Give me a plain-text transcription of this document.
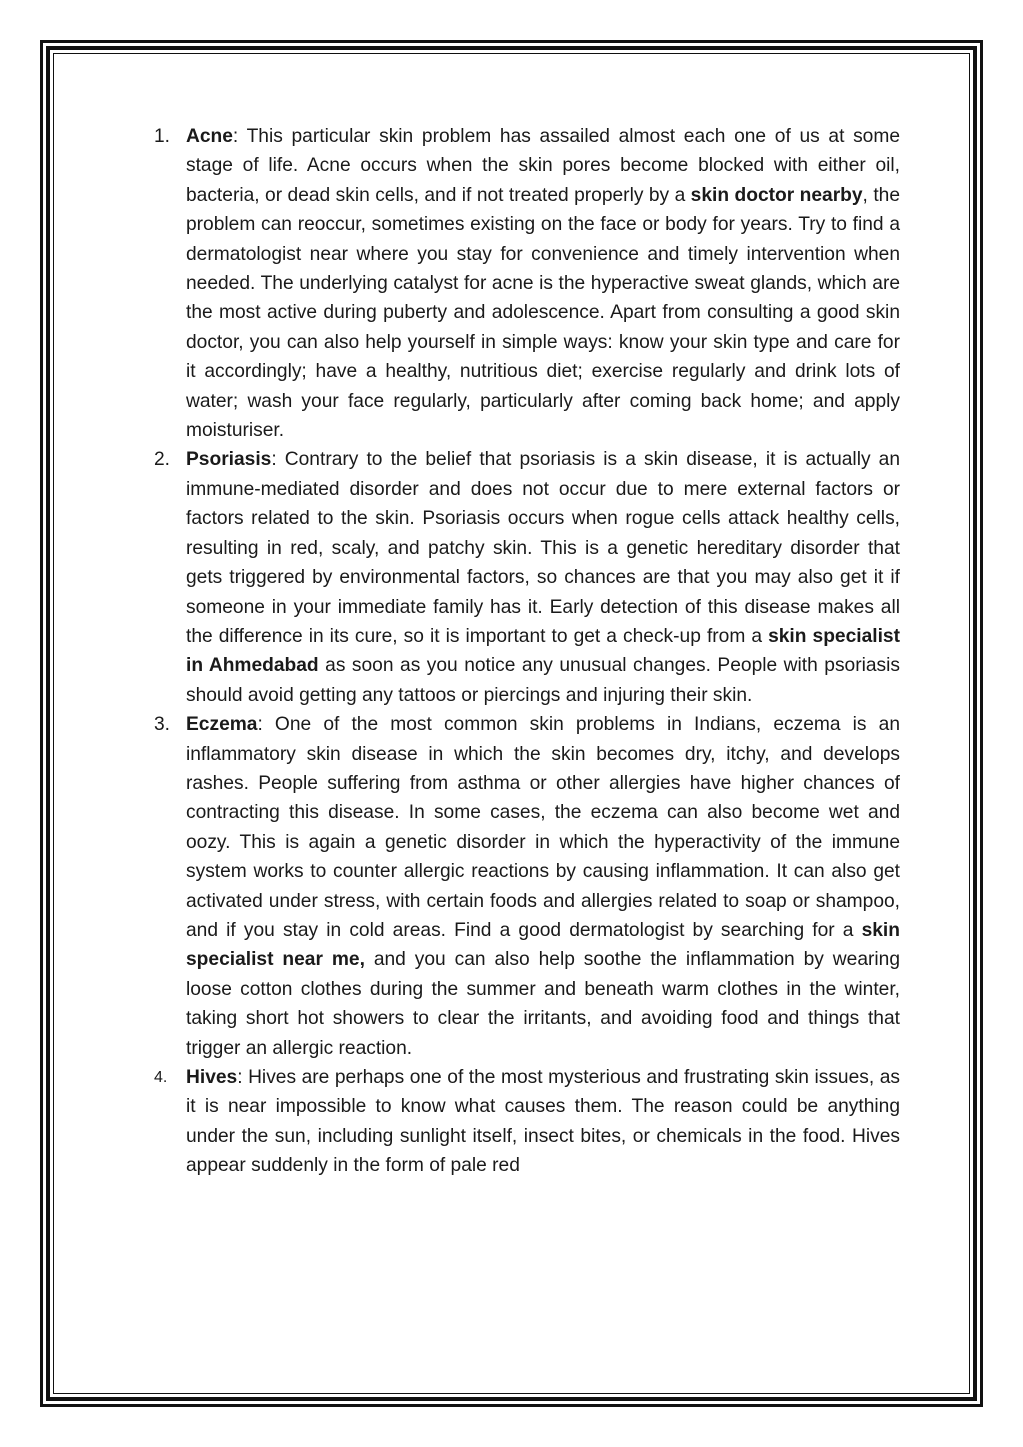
1. Acne: This particular skin problem has assailed almost each one of us at some stage of life. Acne occurs when the skin pores become blocked with either oil, bacteria, or dead skin cells, and if not treated properly by a skin doctor nearby, the problem can reoccur, sometimes existing on the face or body for years. Try to find a dermatologist near where you stay for convenience and timely intervention when needed. The underlying catalyst for acne is the hyperactive sweat glands, which are the most active during puberty and adolescence. Apart from consulting a good skin doctor, you can also help yourself in simple ways: know your skin type and care for it accordingly; have a healthy, nutritious diet; exercise regularly and drink lots of water; wash your face regularly, particularly after coming back home; and apply moisturiser.
2. Psoriasis: Contrary to the belief that psoriasis is a skin disease, it is actually an immune-mediated disorder and does not occur due to mere external factors or factors related to the skin. Psoriasis occurs when rogue cells attack healthy cells, resulting in red, scaly, and patchy skin. This is a genetic hereditary disorder that gets triggered by environmental factors, so chances are that you may also get it if someone in your immediate family has it. Early detection of this disease makes all the difference in its cure, so it is important to get a check-up from a skin specialist in Ahmedabad as soon as you notice any unusual changes. People with psoriasis should avoid getting any tattoos or piercings and injuring their skin.
3. Eczema: One of the most common skin problems in Indians, eczema is an inflammatory skin disease in which the skin becomes dry, itchy, and develops rashes. People suffering from asthma or other allergies have higher chances of contracting this disease. In some cases, the eczema can also become wet and oozy. This is again a genetic disorder in which the hyperactivity of the immune system works to counter allergic reactions by causing inflammation. It can also get activated under stress, with certain foods and allergies related to soap or shampoo, and if you stay in cold areas. Find a good dermatologist by searching for a skin specialist near me, and you can also help soothe the inflammation by wearing loose cotton clothes during the summer and beneath warm clothes in the winter, taking short hot showers to clear the irritants, and avoiding food and things that trigger an allergic reaction.
4. Hives: Hives are perhaps one of the most mysterious and frustrating skin issues, as it is near impossible to know what causes them. The reason could be anything under the sun, including sunlight itself, insect bites, or chemicals in the food. Hives appear suddenly in the form of pale red
